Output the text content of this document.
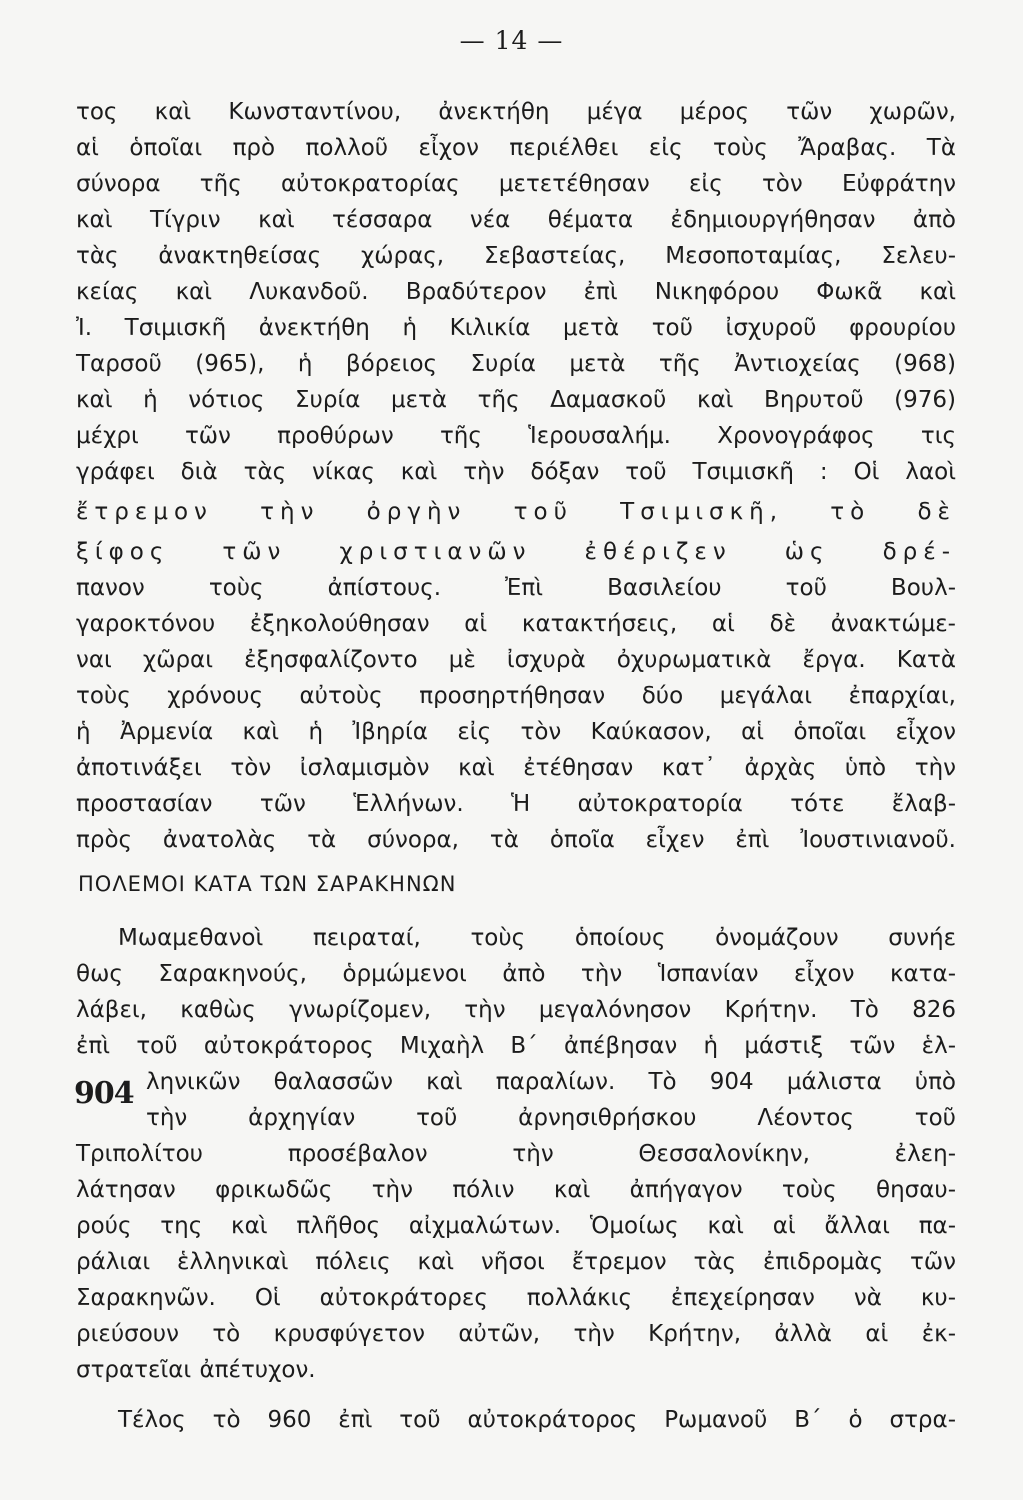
— 14 —
τος καὶ Κωνσταντίνου, ἀνεκτήθη μέγα μέρος τῶν χωρῶν,
αἱ ὁποῖαι πρὸ πολλοῦ εἶχον περιέλθει εἰς τοὺς Ἄραβας. Τὰ
σύνορα τῆς αὐτοκρατορίας μετετέθησαν εἰς τὸν Εὐφράτην
καὶ Τίγριν καὶ τέσσαρα νέα θέματα ἐδημιουργήθησαν ἀπὸ
τὰς ἀνακτηθείσας χώρας, Σεβαστείας, Μεσοποταμίας, Σελευ-
κείας καὶ Λυκανδοῦ. Βραδύτερον ἐπὶ Νικηφόρου Φωκᾶ καὶ
Ἰ. Τσιμισκῆ ἀνεκτήθη ἡ Κιλικία μετὰ τοῦ ἰσχυροῦ φρουρίου
Ταρσοῦ (965), ἡ βόρειος Συρία μετὰ τῆς Ἀντιοχείας (968)
καὶ ἡ νότιος Συρία μετὰ τῆς Δαμασκοῦ καὶ Βηρυτοῦ (976)
μέχρι τῶν προθύρων τῆς Ἱερουσαλήμ. Χρονογράφος τις
γράφει διὰ τὰς νίκας καὶ τὴν δόξαν τοῦ Τσιμισκῆ : Οἱ λαοὶ
ἔτρεμον τὴν ὀργὴν τοῦ Τσιμισκῆ, τὸ δὲ
ξίφος τῶν χριστιανῶν ἐθέριζεν ὡς δρέ-
πανον τοὺς ἀπίστους. Ἐπὶ Βασιλείου τοῦ Βουλ-
γαροκτόνου ἐξηκολούθησαν αἱ κατακτήσεις, αἱ δὲ ἀνακτώμε-
ναι χῶραι ἐξησφαλίζοντο μὲ ἰσχυρὰ ὀχυρωματικὰ ἔργα. Κατὰ
τοὺς χρόνους αὐτοὺς προσηρτήθησαν δύο μεγάλαι ἐπαρχίαι,
ἡ Ἀρμενία καὶ ἡ Ἰβηρία εἰς τὸν Καύκασον, αἱ ὁποῖαι εἶχον
ἀποτινάξει τὸν ἰσλαμισμὸν καὶ ἐτέθησαν κατ᾽ ἀρχὰς ὑπὸ τὴν
προστασίαν τῶν Ἑλλήνων. Ἡ αὐτοκρατορία τότε ἔλαβ-
πρὸς ἀνατολὰς τὰ σύνορα, τὰ ὁποῖα εἶχεν ἐπὶ Ἰουστινιανοῦ.
ΠΟΛΕΜΟΙ ΚΑΤΑ ΤΩΝ ΣΑΡΑΚΗΝΩΝ
Μωαμεθανοὶ πειραταί, τοὺς ὁποίους ὀνομάζουν συνήε
θως Σαρακηνούς, ὁρμώμενοι ἀπὸ τὴν Ἱσπανίαν εἶχον κατα-
λάβει, καθὼς γνωρίζομεν, τὴν μεγαλόνησον Κρήτην. Τὸ 826
ἐπὶ τοῦ αὐτοκράτορος Μιχαὴλ Β´ ἀπέβησαν ἡ μάστιξ τῶν ἑλ-
904 ληνικῶν θαλασσῶν καὶ παραλίων. Τὸ 904 μάλιστα ὑπὸ
τὴν ἀρχηγίαν τοῦ ἀρνησιθρήσκου Λέοντος τοῦ
Τριπολίτου προσέβαλον τὴν Θεσσαλονίκην, ἐλεη-
λάτησαν φρικωδῶς τὴν πόλιν καὶ ἀπήγαγον τοὺς θησαυ-
ρούς της καὶ πλῆθος αἰχμαλώτων. Ὁμοίως καὶ αἱ ἄλλαι πα-
ράλιαι ἑλληνικαὶ πόλεις καὶ νῆσοι ἔτρεμον τὰς ἐπιδρομὰς τῶν
Σαρακηνῶν. Οἱ αὐτοκράτορες πολλάκις ἐπεχείρησαν νὰ κυ-
ριεύσουν τὸ κρυσφύγετον αὐτῶν, τὴν Κρήτην, ἀλλὰ αἱ ἐκ-
στρατεῖαι ἀπέτυχον.
Τέλος τὸ 960 ἐπὶ τοῦ αὐτοκράτορος Ρωμανοῦ Β´ ὁ στρα-
